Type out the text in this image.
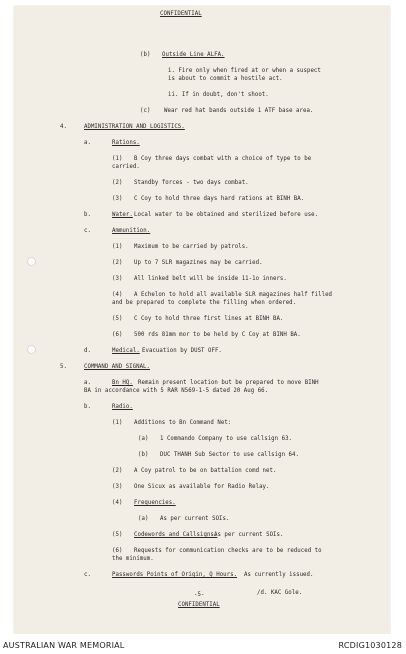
CONFIDENTIAL
(b) Outside Line ALFA.
i. Fire only when fired at or when a suspect
is about to commit a hostile act.
ii. If in doubt, don't shoot.
(c) Wear red hat bands outside 1 ATF base area.
4.	ADMINISTRATION AND LOGISTICS.
a.	Rations.
(1) B Coy three days combat with a choice of type to be
carried.
(2) Standby forces - two days combat.
(3) C Coy to hold three days hard rations at BINH BA.
b.	Water. Local water to be obtained and sterilized before use.
c.	Ammunition.
(1) Maximum to be carried by patrols.
(2) Up to 7 SLR magazines may be carried.
(3) All linked belt will be inside 11-1o inners.
(4) A Echelon to hold all available SLR magazines half filled
and be prepared to complete the filling when ordered.
(5) C Coy to hold three first lines at BINH BA.
(6) 500 rds 81mm mor to be held by C Coy at BINH BA.
d.	Medical. Evacuation by DUST OFF.
5.	COMMAND AND SIGNAL.
a.	Bn HQ. Remain present location but be prepared to move BINH
BA in accordance with 5 RAR N569-1-5 dated 20 Aug 66.
b.	Radio.
(1) Additions to Bn Command Net:
(a) 1 Commando Company to use callsign 63.
(b) DUC THANH Sub Sector to use callsign 64.
(2) A Coy patrol to be on battalion comd net.
(3) One Sicux as available for Radio Relay.
(4) Frequencies.
(a) As per current SOIs.
(5) Codewords and Callsigns.
As per current SOIs.
(6) Requests for communication checks are to be reduced to
the minimum.
c.	Passwords Points of Origin, Q Hours. As currently issued.
/d. KAC Gole.
-5-
CONFIDENTIAL
AUSTRALIAN WAR MEMORIAL	RCDIG1030128
